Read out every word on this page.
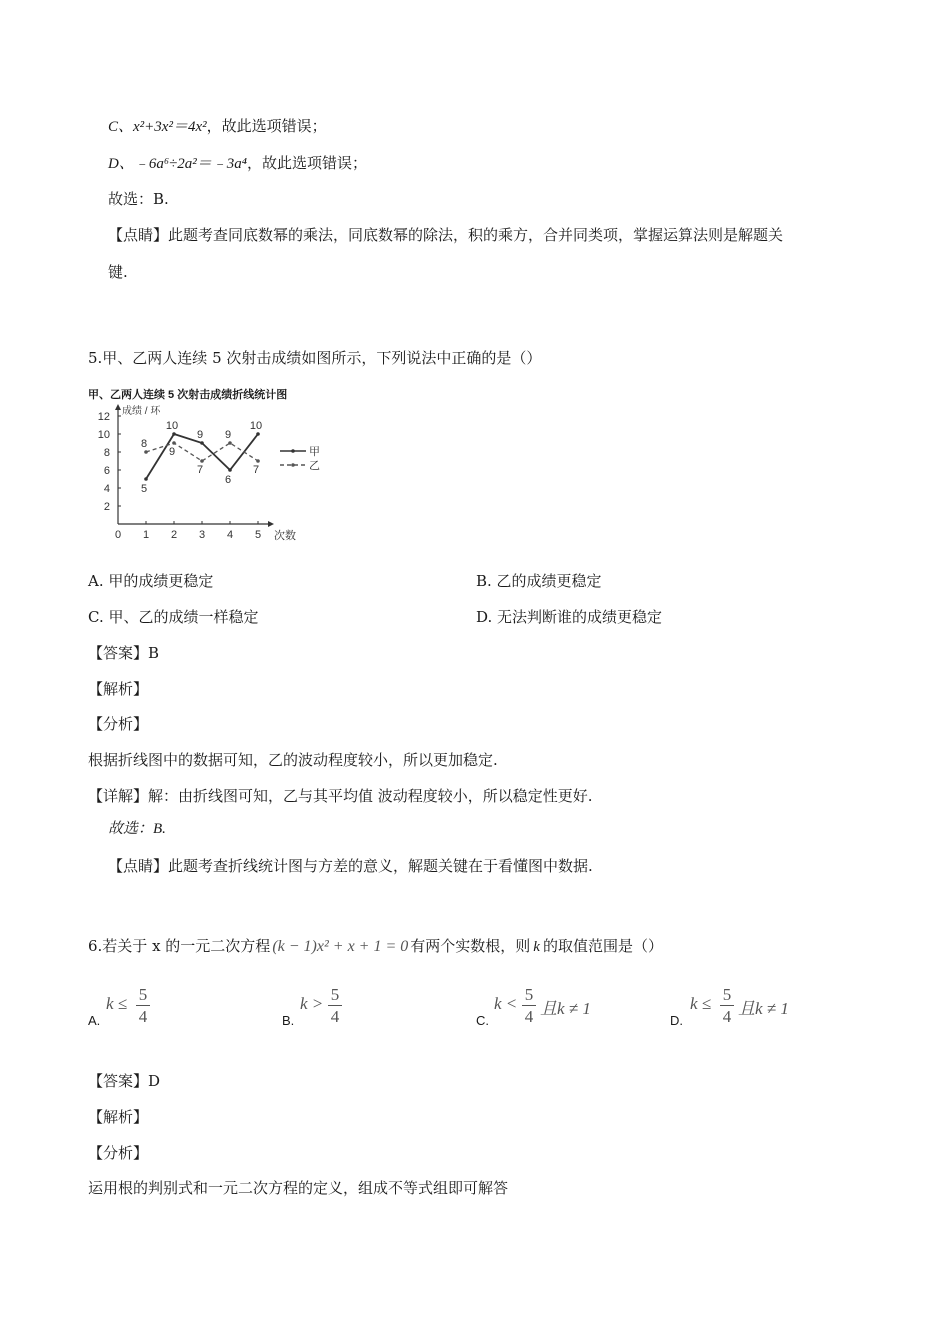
C、x²+3x²＝4x²，故此选项错误；
D、﹣6a⁶÷2a²＝﹣3a⁴，故此选项错误；
故选：B.
【点睛】此题考查同底数幂的乘法，同底数幂的除法，积的乘方，合并同类项，掌握运算法则是解题关
键.
5.甲、乙两人连续 5 次射击成绩如图所示，下列说法中正确的是（）
甲、乙两人连续 5 次射击成绩折线统计图
2
4
6
8
10
12
0 1 2 3 4 5
成绩 / 环
次数
5
10
9
6
10
甲
8
9
7
9
7	乙
A. 甲的成绩更稳定	B. 乙的成绩更稳定
C. 甲、乙的成绩一样稳定	D. 无法判断谁的成绩更稳定
【答案】B
【解析】
【分析】
根据折线图中的数据可知，乙的波动程度较小，所以更加稳定.
【详解】解：由折线图可知，乙与其平均值 波动程度较小，所以稳定性更好.
故选：B.
【点睛】此题考查折线统计图与方差的意义，解题关键在于看懂图中数据.
6.若关于 x 的一元二次方程 (k − 1)x² + x + 1 = 0 有两个实数根，则 k 的取值范围是（）
A.
k ≤ 5
4	B.
k > 5
4	C.
k < 5
4 且k ≠ 1
D.
k ≤ 5
4 且k ≠ 1
【答案】D
【解析】
【分析】
运用根的判别式和一元二次方程的定义，组成不等式组即可解答
